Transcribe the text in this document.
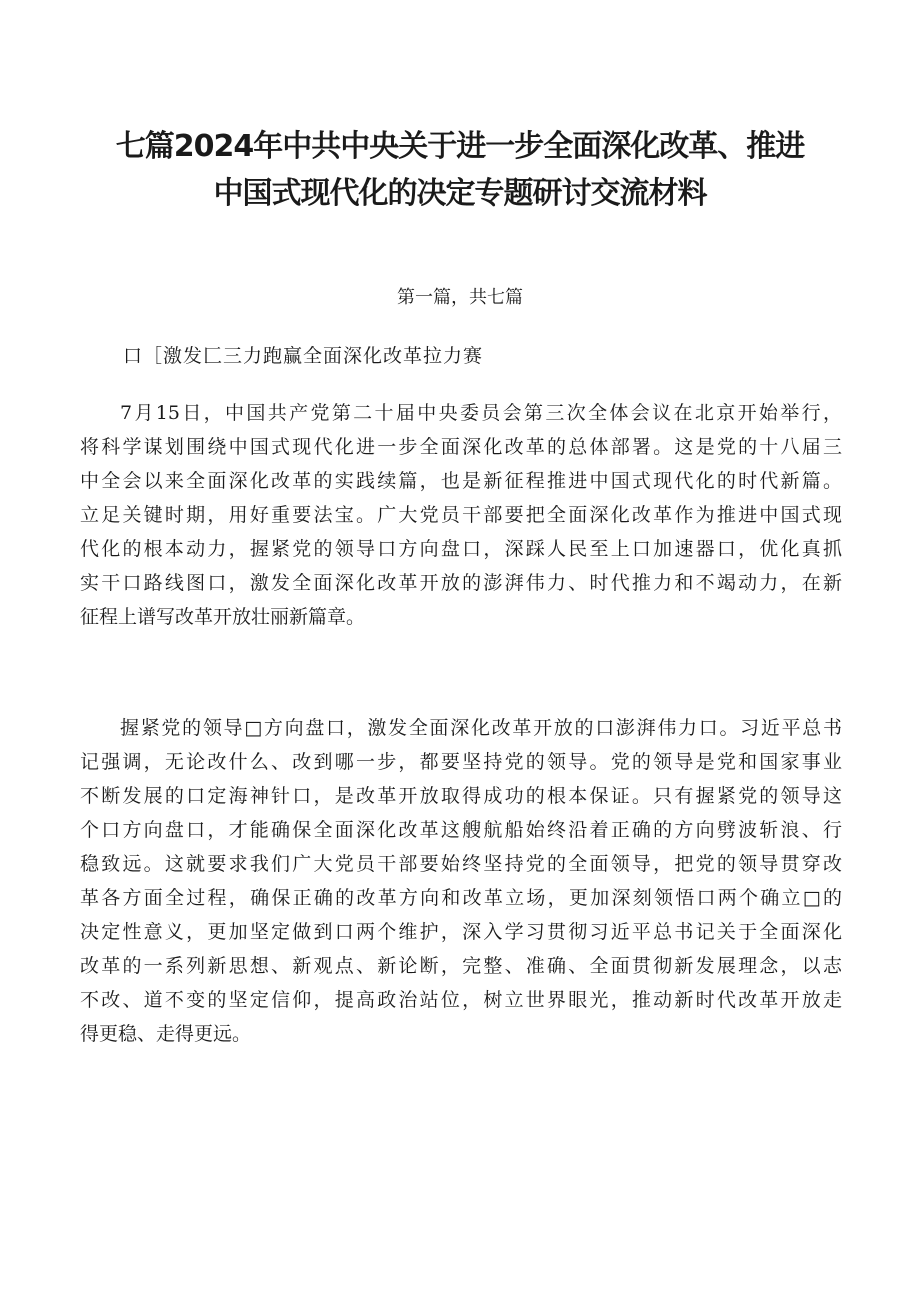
七篇2024年中共中央关于进一步全面深化改革、推进
中国式现代化的决定专题研讨交流材料
第一篇，共七篇
口［激发匚三力跑赢全面深化改革拉力赛
7月15日，中国共产党第二十届中央委员会第三次全体会议在北京开始举行，
将科学谋划围绕中国式现代化进一步全面深化改革的总体部署。这是党的十八届三
中全会以来全面深化改革的实践续篇，也是新征程推进中国式现代化的时代新篇。
立足关键时期，用好重要法宝。广大党员干部要把全面深化改革作为推进中国式现
代化的根本动力，握紧党的领导口方向盘口，深踩人民至上口加速器口，优化真抓
实干口路线图口，激发全面深化改革开放的澎湃伟力、时代推力和不竭动力，在新
征程上谱写改革开放壮丽新篇章。
握紧党的领导□方向盘口，激发全面深化改革开放的口澎湃伟力口。习近平总书
记强调，无论改什么、改到哪一步，都要坚持党的领导。党的领导是党和国家事业
不断发展的口定海神针口，是改革开放取得成功的根本保证。只有握紧党的领导这
个口方向盘口，才能确保全面深化改革这艘航船始终沿着正确的方向劈波斩浪、行
稳致远。这就要求我们广大党员干部要始终坚持党的全面领导，把党的领导贯穿改
革各方面全过程，确保正确的改革方向和改革立场，更加深刻领悟口两个确立□的
决定性意义，更加坚定做到口两个维护，深入学习贯彻习近平总书记关于全面深化
改革的一系列新思想、新观点、新论断，完整、准确、全面贯彻新发展理念，以志
不改、道不变的坚定信仰，提高政治站位，树立世界眼光，推动新时代改革开放走
得更稳、走得更远。
